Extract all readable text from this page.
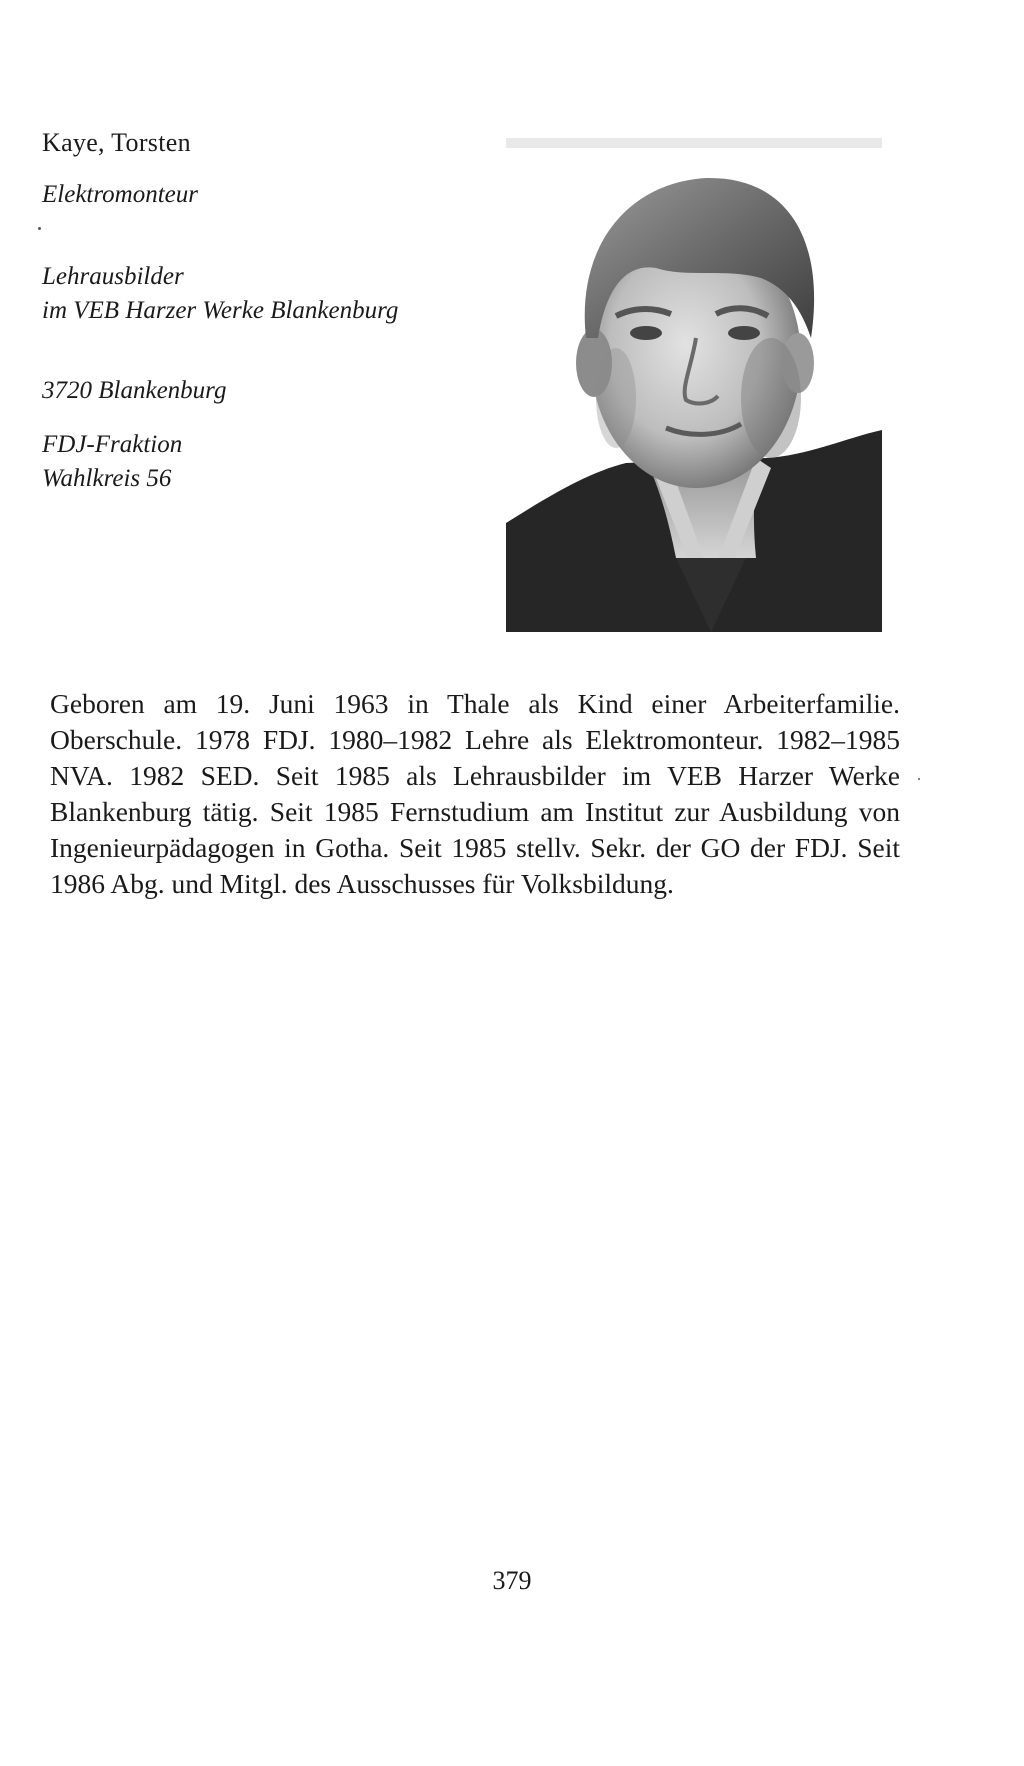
Kaye, Torsten

Elektromonteur

Lehrausbilder

im VEB Harzer Werke Blankenburg

3720 Blankenburg

FDJ-Fraktion

Wahlkreis 56

Geboren am 19. Juni 1963 in Thale als Kind einer Arbeiterfamilie. Oberschule. 1978 FDJ. 1980–1982 Lehre als Elektromonteur. 1982–1985 NVA. 1982 SED. Seit 1985 als Lehrausbilder im VEB Harzer Werke Blankenburg tätig. Seit 1985 Fernstudium am Institut zur Ausbildung von Ingenieurpädagogen in Gotha. Seit 1985 stellv. Sekr. der GO der FDJ. Seit 1986 Abg. und Mitgl. des Ausschusses für Volksbildung.

379
